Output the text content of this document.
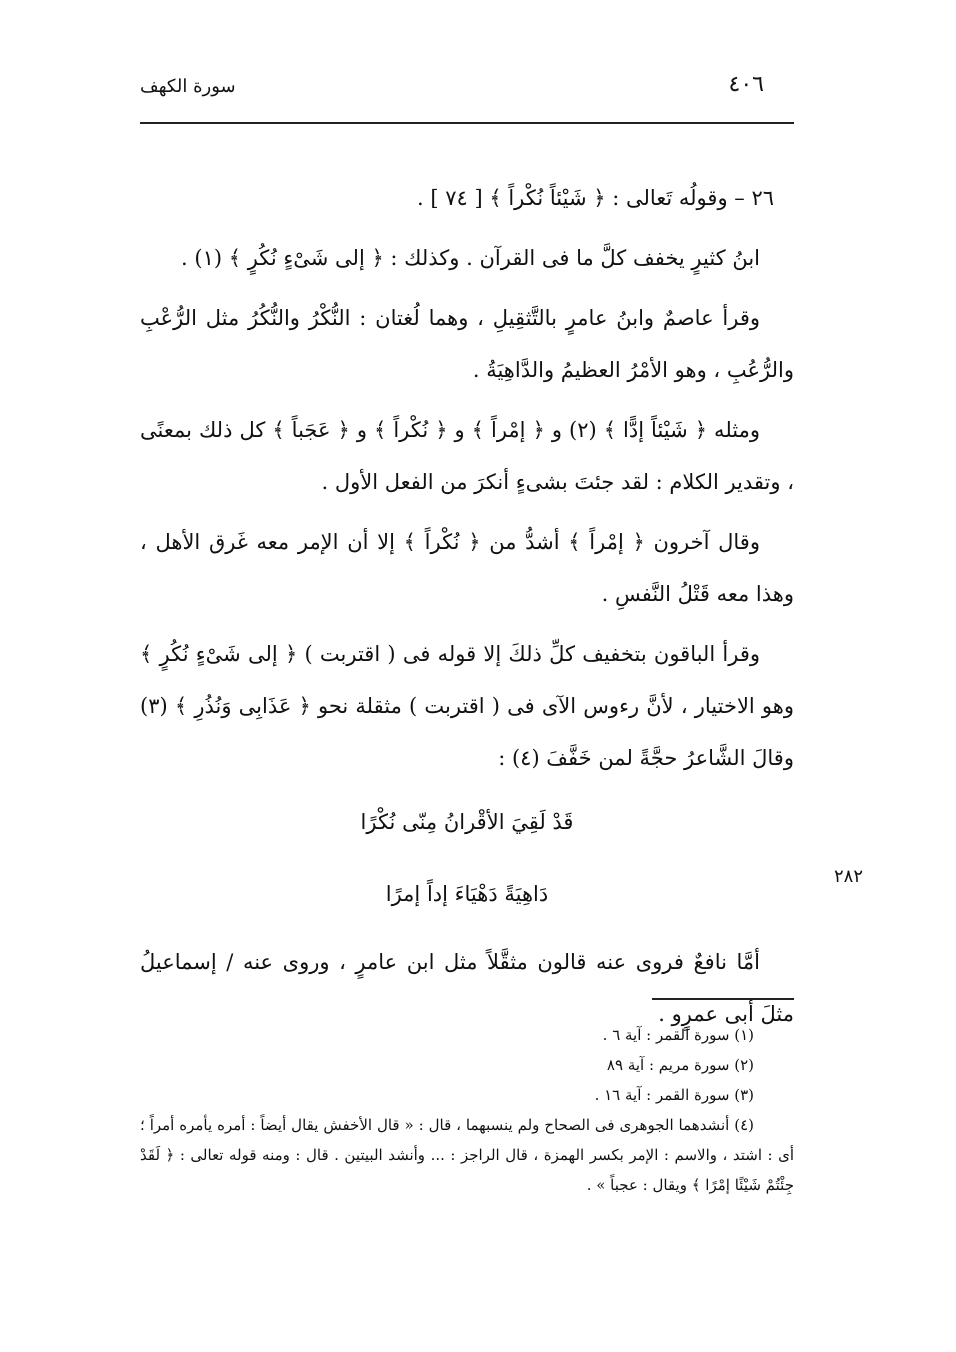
٤٠٦
سورة الكهف

٢٦ – وقولُه تَعالى : ﴿ شَيْئاً نُكْراً ﴾ [ ٧٤ ] .

ابنُ كثيرٍ يخفف كلَّ ما فى القرآن . وكذلك : ﴿ إلى شَىْءٍ نُكُرٍ ﴾ (١) .

وقرأ عاصمٌ وابنُ عامرٍ بالتَّثقِيلِ ، وهما لُغتان : النُّكْرُ والنُّكُرُ مثل الرُّعْبِ والرُّعُبِ ، وهو الأمْرُ العظيمُ والدَّاهِيَةُ .

ومثله ﴿ شَيْئاً إدًّا ﴾ (٢) و ﴿ إمْراً ﴾ و ﴿ نُكْراً ﴾ و ﴿ عَجَباً ﴾ كل ذلك بمعنًى ، وتقدير الكلام : لقد جئتَ بشىءٍ أنكرَ من الفعل الأول .

وقال آخرون ﴿ إمْراً ﴾ أشدُّ من ﴿ نُكْراً ﴾ إلا أن الإمر معه غَرق الأهل ، وهذا معه قَتْلُ النَّفسِ .

وقرأ الباقون بتخفيف كلِّ ذلكَ إلا قوله فى ( اقتربت ) ﴿ إلى شَىْءٍ نُكُرٍ ﴾ وهو الاختيار ، لأنَّ رءوس الآى فى ( اقتربت ) مثقلة نحو ﴿ عَذَابِى وَنُذُرِ ﴾ (٣) وقالَ الشَّاعرُ حجَّةً لمن خَفَّفَ (٤) :

قَدْ لَقِيَ الأقْرانُ مِنّى نُكْرًا

دَاهِيَةً دَهْيَاءَ إداً إمرًا

أمَّا نافعٌ فروى عنه قالون مثقَّلاً مثل ابن عامرٍ ، وروى عنه / إسماعيلُ مثلَ أبى عمرٍو .

٢٨٢

(١) سورة القمر : آية ٦ .

(٢) سورة مريم : آية ٨٩

(٣) سورة القمر : آية ١٦ .

(٤) أنشدهما الجوهرى فى الصحاح ولم ينسبهما ، قال : « قال الأخفش يقال أيضاً : أمره يأمره أمراً ؛ أى : اشتد ، والاسم : الإمر بكسر الهمزة ، قال الراجز : ... وأنشد البيتين . قال : ومنه قوله تعالى : ﴿ لَقَدْ جِئْتُمْ شَيْئًا إمْرًا ﴾ ويقال : عجباً » .
